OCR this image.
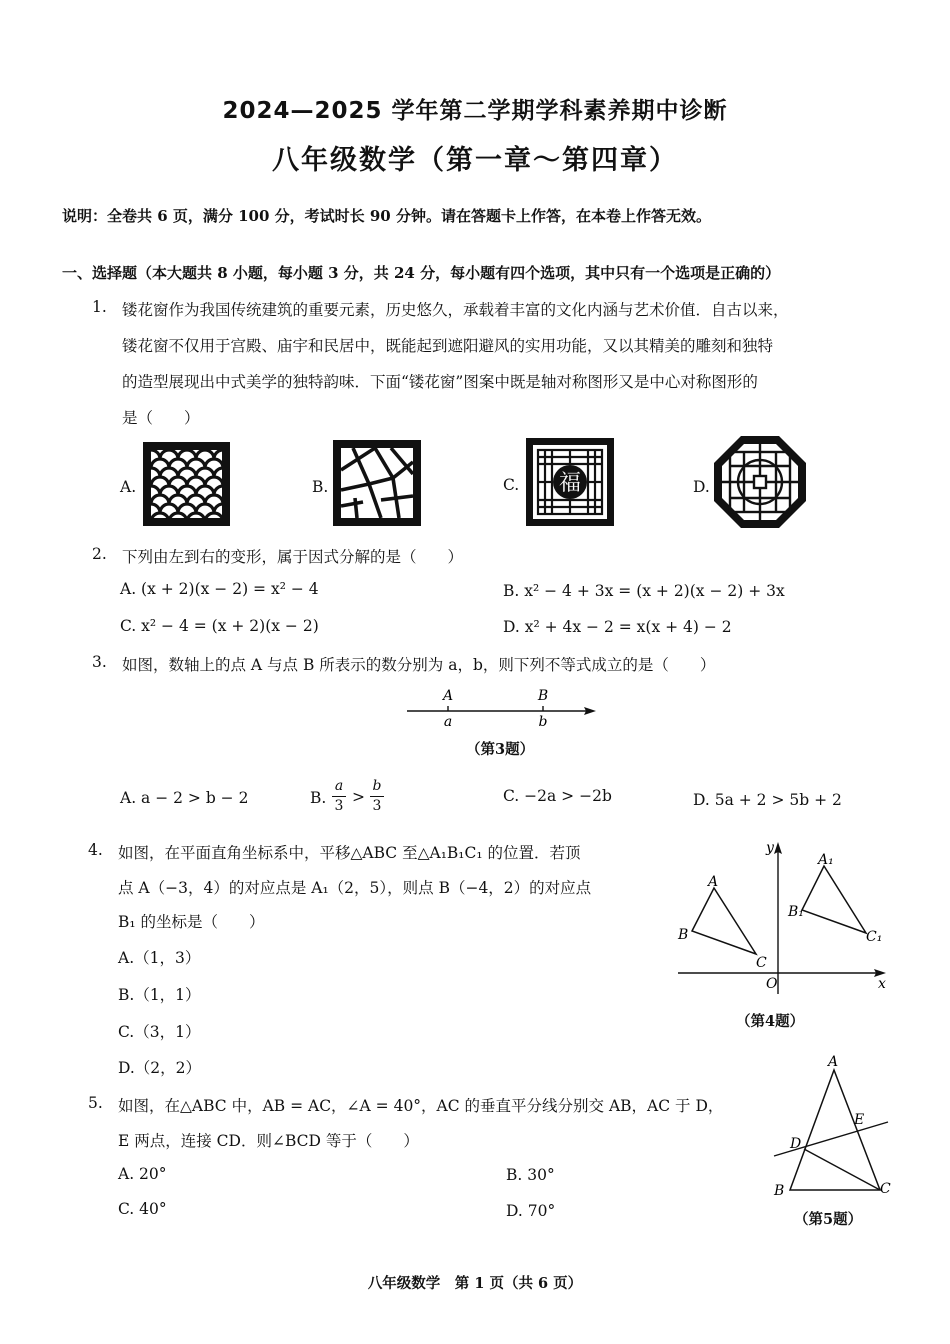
2024—2025 学年第二学期学科素养期中诊断
八年级数学（第一章～第四章）
说明：全卷共 6 页，满分 100 分，考试时长 90 分钟。请在答题卡上作答，在本卷上作答无效。
一、选择题（本大题共 8 小题，每小题 3 分，共 24 分，每小题有四个选项，其中只有一个选项是正确的）
1. 镂花窗作为我国传统建筑的重要元素，历史悠久，承载着丰富的文化内涵与艺术价值．自古以来，
镂花窗不仅用于宫殿、庙宇和民居中，既能起到遮阳避风的实用功能，又以其精美的雕刻和独特
的造型展现出中式美学的独特韵味．下面“镂花窗”图案中既是轴对称图形又是中心对称图形的
是（　　）
A.	B.	C. 福	D.
2. 下列由左到右的变形，属于因式分解的是（　　）
A. (x + 2)(x − 2) = x² − 4	B. x² − 4 + 3x = (x + 2)(x − 2) + 3x
C. x² − 4 = (x + 2)(x − 2)	D. x² + 4x − 2 = x(x + 4) − 2
3. 如图，数轴上的点 A 与点 B 所表示的数分别为 a，b，则下列不等式成立的是（　　）
A	B
a	b
（第3题）
A. a − 2 > b − 2	B.
a
3 >
b
3
C. −2a > −2b	D. 5a + 2 > 5b + 2
4. 如图，在平面直角坐标系中，平移△ABC 至△A₁B₁C₁ 的位置．若顶
点 A（−3，4）的对应点是 A₁（2，5），则点 B（−4，2）的对应点
B₁ 的坐标是（　　）
A.（1，3）
B.（1，1）
C.（3，1）
D.（2，2）
y
x
O
A
B
C
A₁
B₁
C₁
（第4题）
5. 如图，在△ABC 中，AB = AC，∠A = 40°，AC 的垂直平分线分别交 AB，AC 于 D，
E 两点，连接 CD．则∠BCD 等于（　　）
A. 20°	B. 30°
C. 40°	D. 70°
A
B	C
D
E
（第5题）
八年级数学　第 1 页（共 6 页）
